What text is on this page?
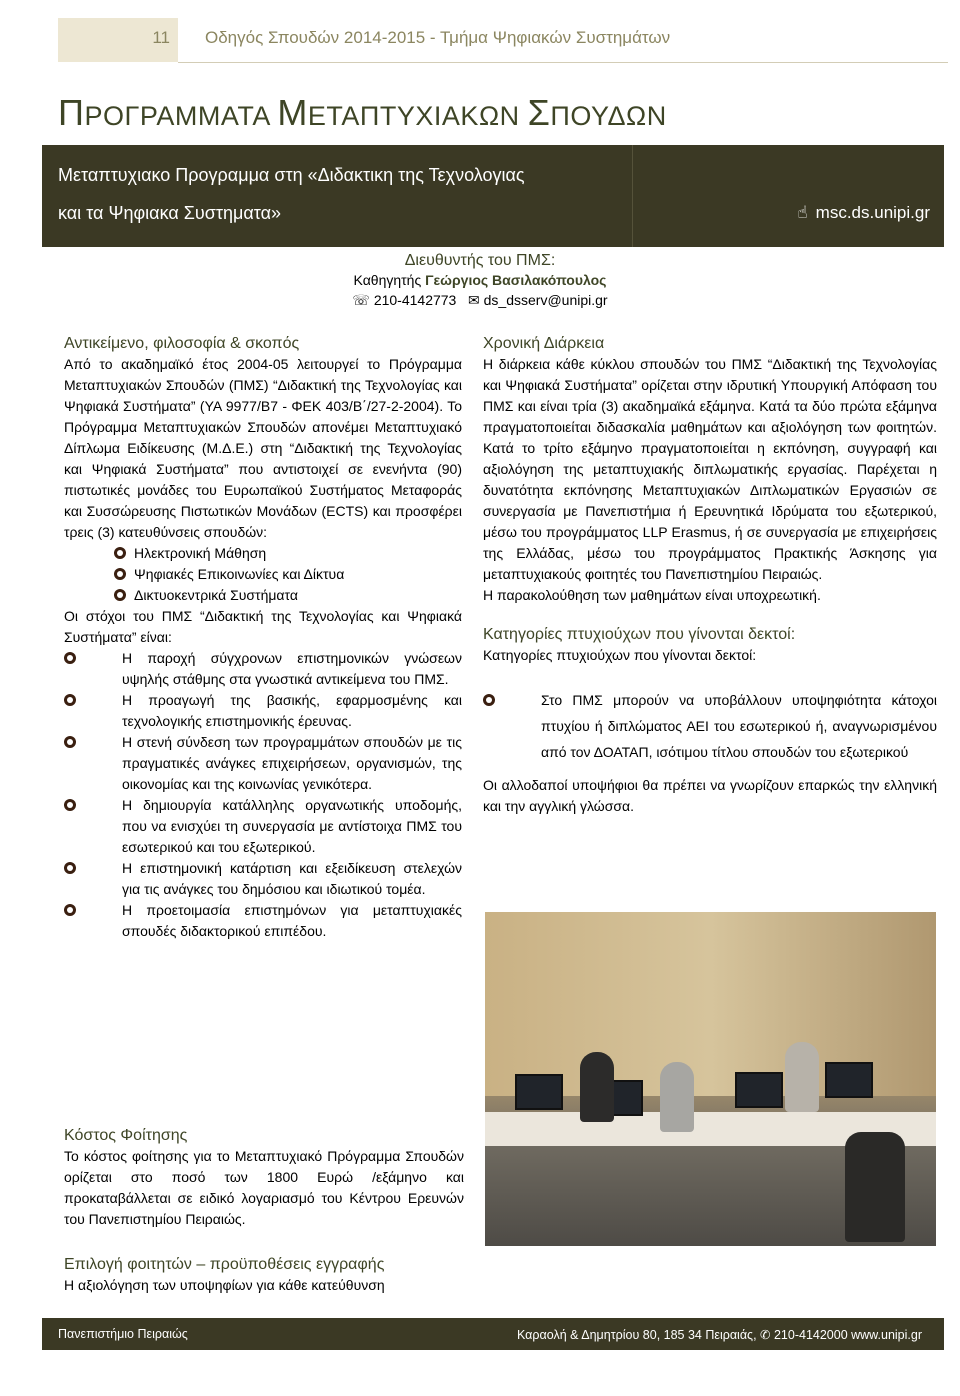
11 Οδηγός Σπουδών 2014-2015 - Τμήμα Ψηφιακών Συστημάτων
ΠΡΟΓΡΑΜΜΑΤΑ ΜΕΤΑΠΤΥΧΙΑΚΩΝ ΣΠΟΥΔΩΝ
Μεταπτυχιακο Προγραμμα στη «Διδακτικη της Τεχνολογιας
και τα Ψηφιακα Συστηματα»	☝ msc.ds.unipi.gr
Διευθυντής του ΠΜΣ:
Καθηγητής Γεώργιος Βασιλακόπουλος
☏ 210-4142773 ✉ ds_dsserv@unipi.gr

Αντικείμενο, φιλοσοφία & σκοπός

Από το ακαδημαϊκό έτος 2004-05 λειτουργεί το Πρόγραμμα Μεταπτυχιακών Σπουδών (ΠΜΣ) “Διδακτική της Τεχνολογίας και Ψηφιακά Συστήματα” (ΥΑ 9977/Β7 - ΦΕΚ 403/Β΄/27-2-2004). Το Πρόγραμμα Μεταπτυχιακών Σπουδών απονέμει Μεταπτυχιακό Δίπλωμα Ειδίκευσης (Μ.Δ.Ε.) στη “Διδακτική της Τεχνολογίας και Ψηφιακά Συστήματα” που αντιστοιχεί σε ενενήντα (90) πιστωτικές μονάδες του Ευρωπαϊκού Συστήματος Μεταφοράς και Συσσώρευσης Πιστωτικών Μονάδων (ECTS) και προσφέρει τρεις (3) κατευθύνσεις σπουδών:

Ηλεκτρονική Μάθηση
Ψηφιακές Επικοινωνίες και Δίκτυα
Δικτυοκεντρικά Συστήματα

Οι στόχοι του ΠΜΣ “Διδακτική της Τεχνολογίας και Ψηφιακά Συστήματα” είναι:

Η παροχή σύγχρονων επιστημονικών γνώσεων υψηλής στάθμης στα γνωστικά αντικείμενα του ΠΜΣ.
Η προαγωγή της βασικής, εφαρμοσμένης και τεχνολογικής επιστημονικής έρευνας.
Η στενή σύνδεση των προγραμμάτων σπουδών με τις πραγματικές ανάγκες επιχειρήσεων, οργανισμών, της οικονομίας και της κοινωνίας γενικότερα.
Η δημιουργία κατάλληλης οργανωτικής υποδομής, που να ενισχύει τη συνεργασία με αντίστοιχα ΠΜΣ του εσωτερικού και του εξωτερικού.
Η επιστημονική κατάρτιση και εξειδίκευση στελεχών για τις ανάγκες του δημόσιου και ιδιωτικού τομέα.
Η προετοιμασία επιστημόνων για μεταπτυχιακές σπουδές διδακτορικού επιπέδου.

Χρονική Διάρκεια

Η διάρκεια κάθε κύκλου σπουδών του ΠΜΣ “Διδακτική της Τεχνολογίας και Ψηφιακά Συστήματα” ορίζεται στην ιδρυτική Υπουργική Απόφαση του ΠΜΣ και είναι τρία (3) ακαδημαϊκά εξάμηνα. Κατά τα δύο πρώτα εξάμηνα πραγματοποιείται διδασκαλία μαθημάτων και αξιολόγηση των φοιτητών. Κατά το τρίτο εξάμηνο πραγματοποιείται η εκπόνηση, συγγραφή και αξιολόγηση της μεταπτυχιακής διπλωματικής εργασίας. Παρέχεται η δυνατότητα εκπόνησης Μεταπτυχιακών Διπλωματικών Εργασιών σε συνεργασία με Πανεπιστήμια ή Ερευνητικά Ιδρύματα του εξωτερικού, μέσω του προγράμματος LLP Erasmus, ή σε συνεργασία με επιχειρήσεις της Ελλάδας, μέσω του προγράμματος Πρακτικής Άσκησης για μεταπτυχιακούς φοιτητές του Πανεπιστημίου Πειραιώς.

Η παρακολούθηση των μαθημάτων είναι υποχρεωτική.

Κατηγορίες πτυχιούχων που γίνονται δεκτοί:

Κατηγορίες πτυχιούχων που γίνονται δεκτοί:

Στο ΠΜΣ μπορούν να υποβάλλουν υποψηφιότητα κάτοχοι πτυχίου ή διπλώματος ΑΕΙ του εσωτερικού ή, αναγνωρισμένου από τον ΔΟΑΤΑΠ, ισότιμου τίτλου σπουδών του εξωτερικού

Οι αλλοδαποί υποψήφιοι θα πρέπει να γνωρίζουν επαρκώς την ελληνική και την αγγλική γλώσσα.

Κόστος Φοίτησης

Το κόστος φοίτησης για το Μεταπτυχιακό Πρόγραμμα Σπουδών ορίζεται στο ποσό των 1800 Ευρώ /εξάμηνο και προκαταβάλλεται σε ειδικό λογαριασμό του Κέντρου Ερευνών του Πανεπιστημίου Πειραιώς.

Επιλογή φοιτητών – προϋποθέσεις εγγραφής

Η αξιολόγηση των υποψηφίων για κάθε κατεύθυνση

Πανεπιστήμιο Πειραιώς	Καραολή & Δημητρίου 80, 185 34 Πειραιάς, ✆ 210-4142000 www.unipi.gr
